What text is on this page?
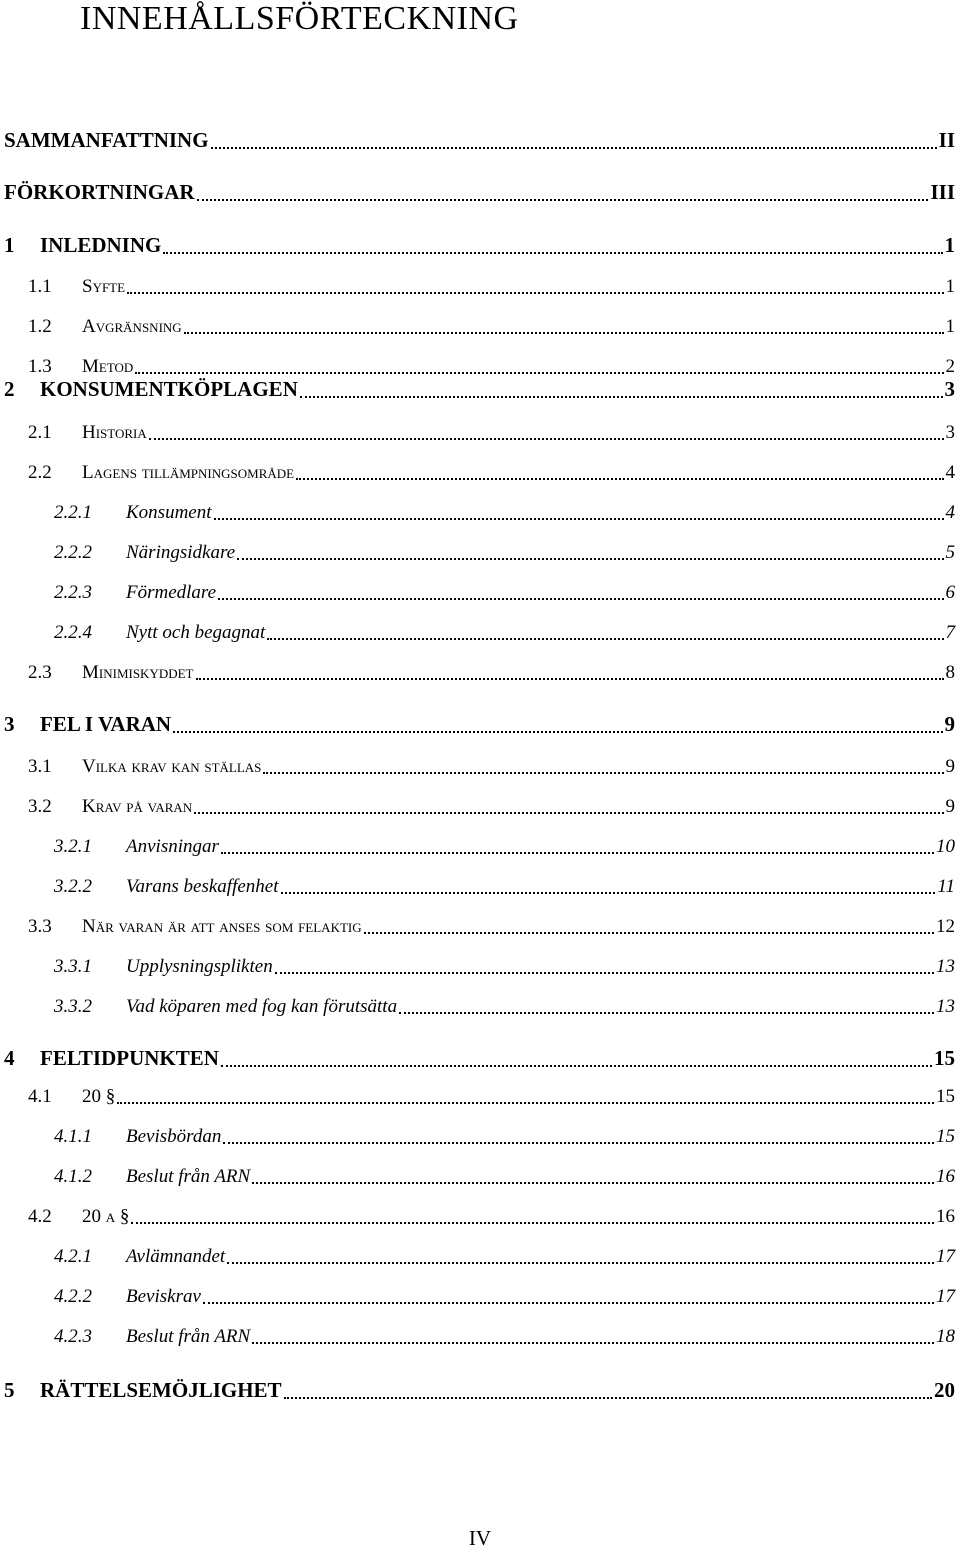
INNEHÅLLSFÖRTECKNING
SAMMANFATTNING	II
FÖRKORTNINGAR	III
1	INLEDNING	1
1.1	Syfte	1
1.2	Avgränsning	1
1.3	Metod	2
2	KONSUMENTKÖPLAGEN	3
2.1	Historia	3
2.2	Lagens tillämpningsområde	4
2.2.1	Konsument	4
2.2.2	Näringsidkare	5
2.2.3	Förmedlare	6
2.2.4	Nytt och begagnat	7
2.3	Minimiskyddet	8
3	FEL I VARAN	9
3.1	Vilka krav kan ställas	9
3.2	Krav på varan	9
3.2.1	Anvisningar	10
3.2.2	Varans beskaffenhet	11
3.3	När varan är att anses som felaktig	12
3.3.1	Upplysningsplikten	13
3.3.2	Vad köparen med fog kan förutsätta	13
4	FELTIDPUNKTEN	15
4.1	20 §	15
4.1.1	Bevisbördan	15
4.1.2	Beslut från ARN	16
4.2	20 a §	16
4.2.1	Avlämnandet	17
4.2.2	Beviskrav	17
4.2.3	Beslut från ARN	18
5	RÄTTELSEMÖJLIGHET	20
IV
